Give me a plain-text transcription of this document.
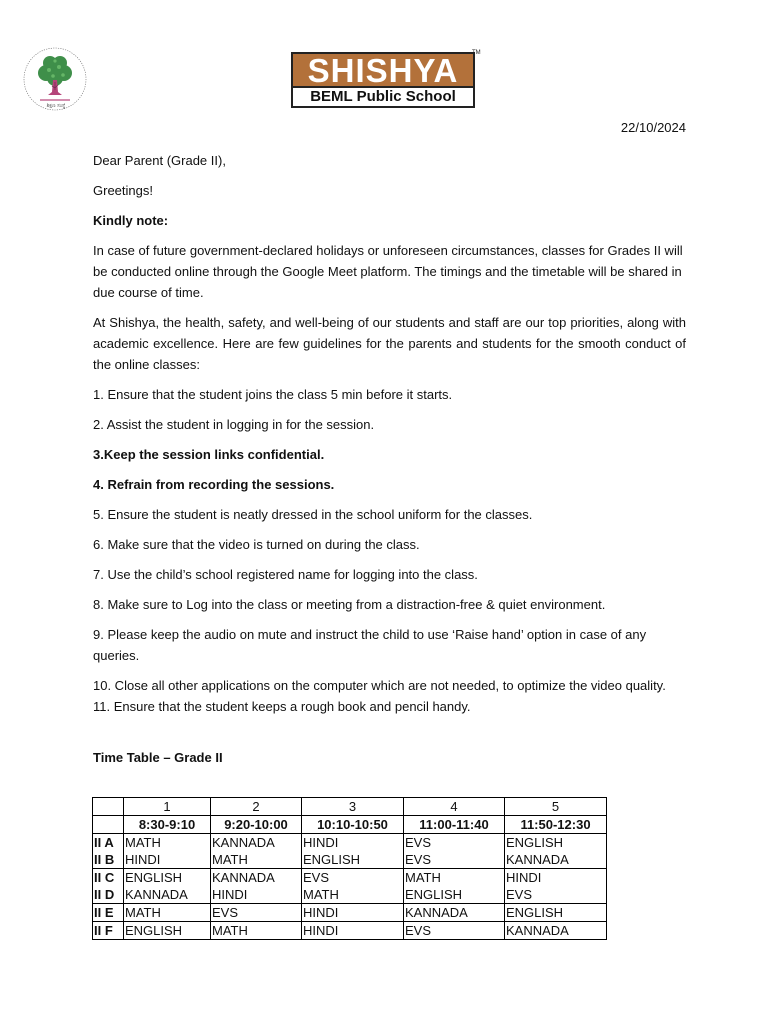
ಶಿಕ್ಷಣ ಸಂಸ್ಥೆ
SHISHYA	TM
BEML Public School
22/10/2024

Dear Parent (Grade II),

Greetings!

Kindly note:

In case of future government-declared holidays or unforeseen circumstances, classes for Grades II will be conducted online through the Google Meet platform. The timings and the timetable will be shared in due course of time.

At Shishya, the health, safety, and well-being of our students and staff are our top priorities, along with academic excellence. Here are few guidelines for the parents and students for the smooth conduct of the online classes:

1. Ensure that the student joins the class 5 min before it starts.

2. Assist the student in logging in for the session.

3.Keep the session links confidential.

4. Refrain from recording the sessions.

5. Ensure the student is neatly dressed in the school uniform for the classes.

6. Make sure that the video is turned on during the class.

7. Use the child’s school registered name for logging into the class.

8. Make sure to Log into the class or meeting from a distraction-free & quiet environment.

9. Please keep the audio on mute and instruct the child to use ‘Raise hand’ option in case of any queries.

10. Close all other applications on the computer which are not needed, to optimize the video quality.

11. Ensure that the student keeps a rough book and pencil handy.

Time Table – Grade II

	1	2	3	4	5
	8:30-9:10	9:20-10:00	10:10-10:50	11:00-11:40	11:50-12:30
II A	MATH	KANNADA	HINDI	EVS	ENGLISH
II B	HINDI	MATH	ENGLISH	EVS	KANNADA
II C	ENGLISH	KANNADA	EVS	MATH	HINDI
II D	KANNADA	HINDI	MATH	ENGLISH	EVS
II E	MATH	EVS	HINDI	KANNADA	ENGLISH
II F	ENGLISH	MATH	HINDI	EVS	KANNADA
